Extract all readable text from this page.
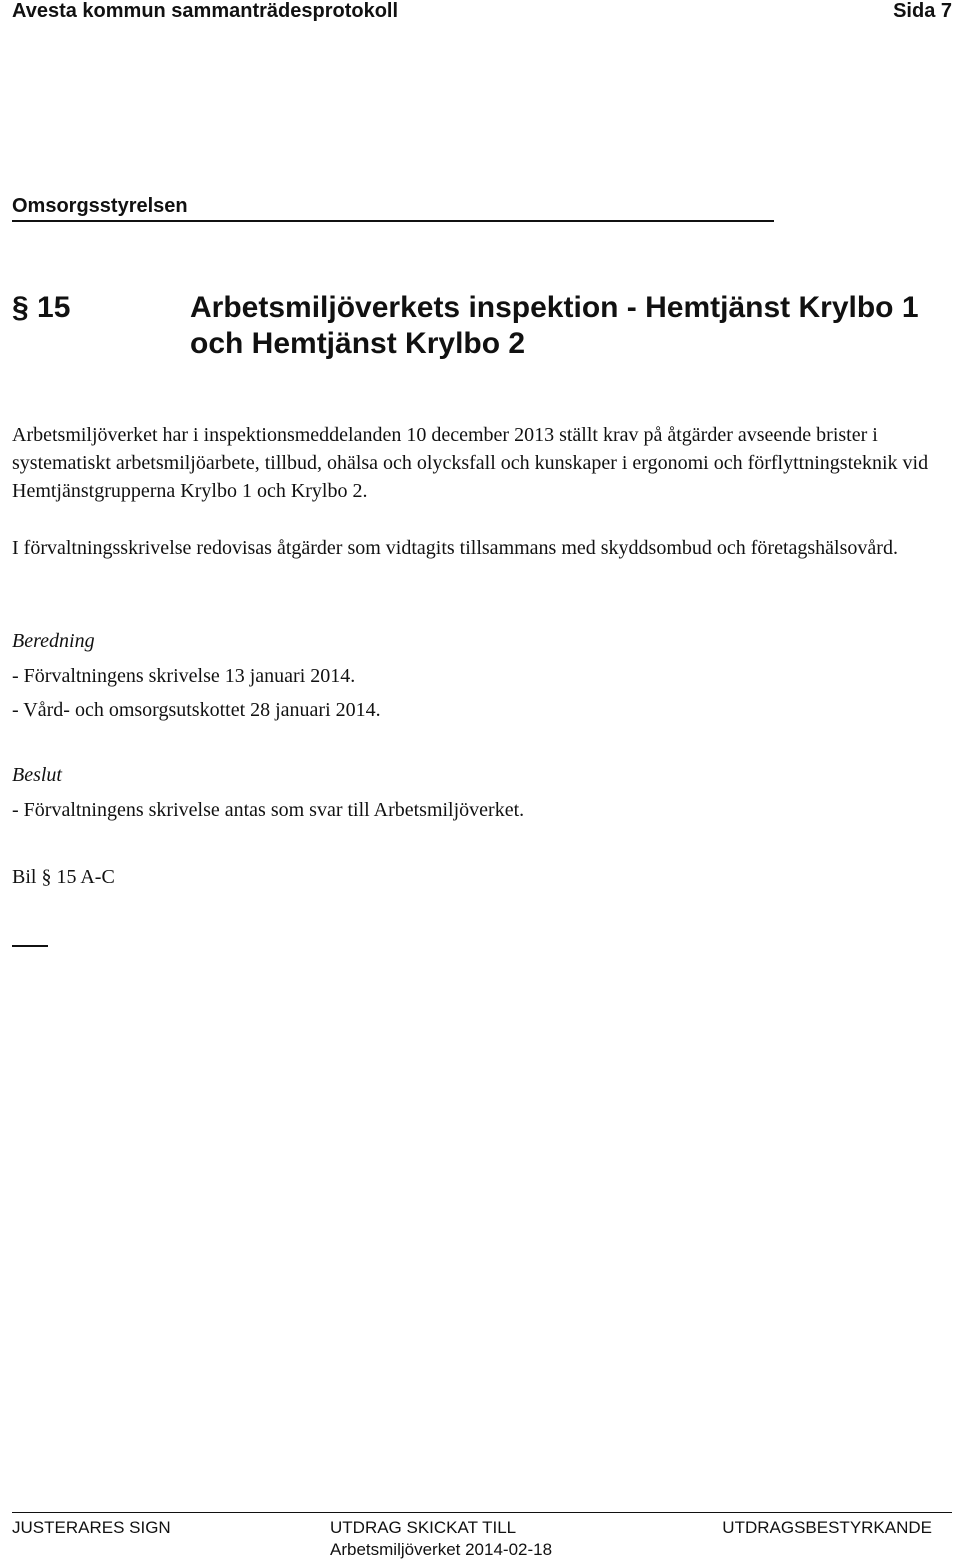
Avesta kommun sammanträdesprotokoll	Sida 7
Omsorgsstyrelsen
§ 15	Arbetsmiljöverkets inspektion - Hemtjänst Krylbo 1 och Hemtjänst Krylbo 2
Arbetsmiljöverket har i inspektionsmeddelanden 10 december 2013 ställt krav på åtgärder avseende brister i systematiskt arbetsmiljöarbete, tillbud, ohälsa och olycksfall och kunskaper i ergonomi och förflyttningsteknik vid Hemtjänstgrupperna Krylbo 1 och Krylbo 2.
I förvaltningsskrivelse redovisas åtgärder som vidtagits tillsammans med skyddsombud och företagshälsovård.
Beredning
- Förvaltningens skrivelse 13 januari 2014.
- Vård- och omsorgsutskottet 28 januari 2014.
Beslut
- Förvaltningens skrivelse antas som svar till Arbetsmiljöverket.
Bil § 15 A-C
JUSTERARES SIGN	UTDRAG SKICKAT TILL
Arbetsmiljöverket 2014-02-18
UTDRAGSBESTYRKANDE
